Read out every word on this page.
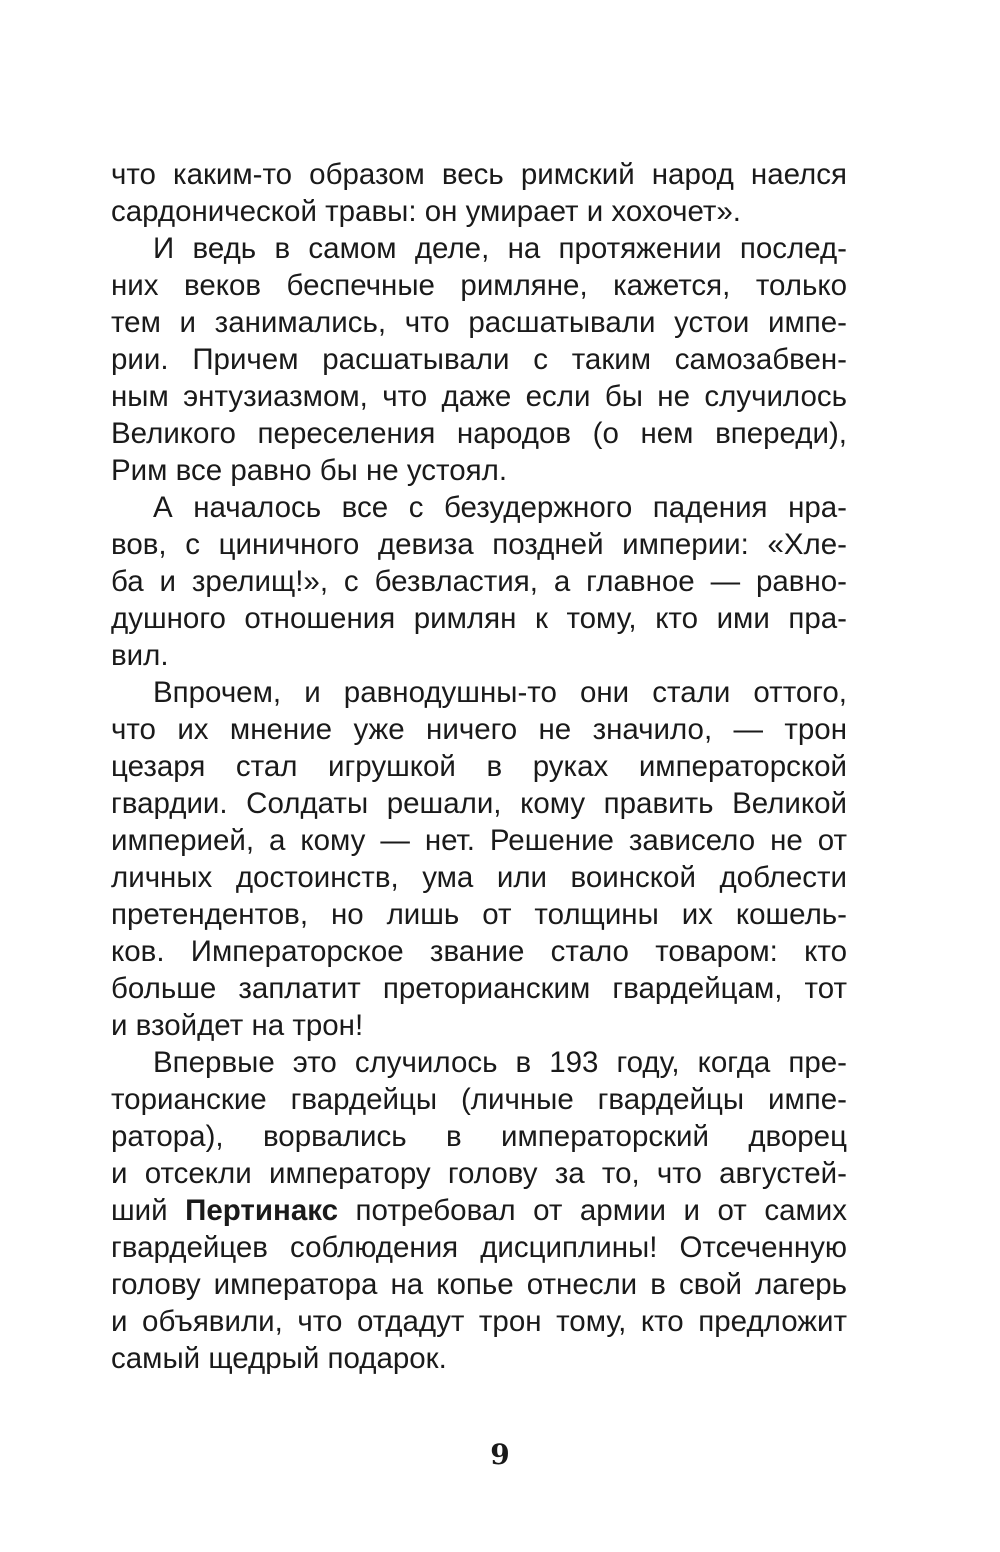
что каким-то образом весь римский народ наелся
сардонической травы: он умирает и хохочет».
И ведь в самом деле, на протяжении послед-
них веков беспечные римляне, кажется, только
тем и занимались, что расшатывали устои импе-
рии. Причем расшатывали с таким самозабвен-
ным энтузиазмом, что даже если бы не случилось
Великого переселения народов (о нем впереди),
Рим все равно бы не устоял.
А началось все с безудержного падения нра-
вов, с циничного девиза поздней империи: «Хле-
ба и зрелищ!», с безвластия, а главное — равно-
душного отношения римлян к тому, кто ими пра-
вил.
Впрочем, и равнодушны-то они стали оттого,
что их мнение уже ничего не значило, — трон
цезаря стал игрушкой в руках императорской
гвардии. Солдаты решали, кому править Великой
империей, а кому — нет. Решение зависело не от
личных достоинств, ума или воинской доблести
претендентов, но лишь от толщины их кошель-
ков. Императорское звание стало товаром: кто
больше заплатит преторианским гвардейцам, тот
и взойдет на трон!
Впервые это случилось в 193 году, когда пре-
торианские гвардейцы (личные гвардейцы импе-
ратора), ворвались в императорский дворец
и отсекли императору голову за то, что августей-
ший Пертинакс потребовал от армии и от самих
гвардейцев соблюдения дисциплины! Отсеченную
голову императора на копье отнесли в свой лагерь
и объявили, что отдадут трон тому, кто предложит
самый щедрый подарок.
9
